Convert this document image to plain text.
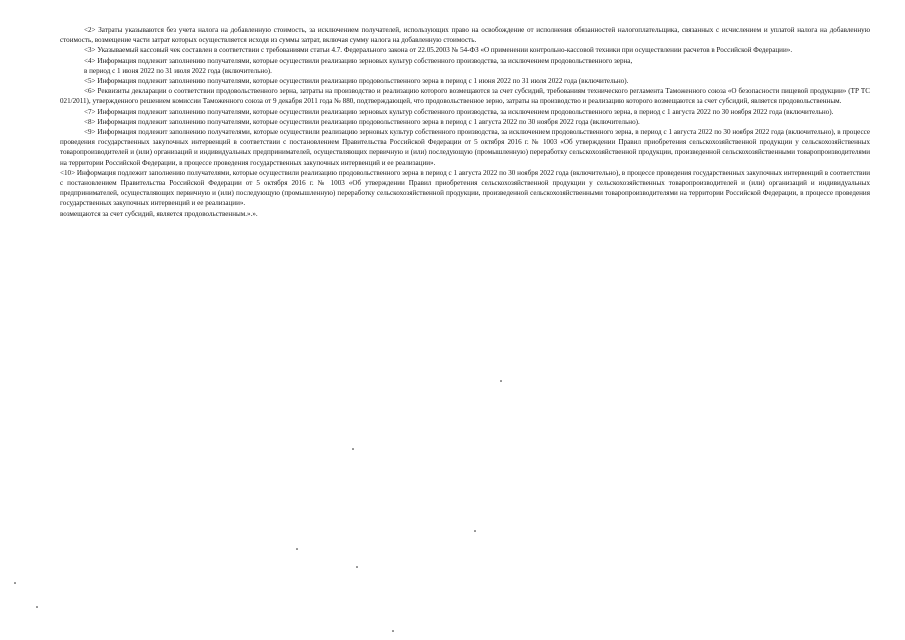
<2> Затраты указываются без учета налога на добавленную стоимость, за исключением получателей, использующих право на освобождение от исполнения обязанностей налогоплательщика, связанных с исчислением и уплатой налога на добавленную стоимость, возмещение части затрат которых осуществляется исходя из суммы затрат, включая сумму налога на добавленную стоимость.

<3> Указываемый кассовый чек составлен в соответствии с требованиями статьи 4.7. Федерального закона от 22.05.2003 № 54-ФЗ «О применении контрольно-кассовой техники при осуществлении расчетов в Российской Федерации».

<4> Информация подлежит заполнению получателями, которые осуществили реализацию зерновых культур собственного производства, за исключением продовольственного зерна,

в период с 1 июня 2022 по 31 июля 2022 года (включительно).

<5> Информация подлежит заполнению получателями, которые осуществили реализацию продовольственного зерна в период с 1 июня 2022 по 31 июля 2022 года (включительно).

<6> Реквизиты декларации о соответствии продовольственного зерна, затраты на производство и реализацию которого возмещаются за счет субсидий, требованиям технического регламента Таможенного союза «О безопасности пищевой продукции» (ТР ТС 021/2011), утвержденного решением комиссии Таможенного союза от 9 декабря 2011 года № 880, подтверждающей, что продовольственное зерно, затраты на производство и реализацию которого возмещаются за счет субсидий, является продовольственным.

<7> Информация подлежит заполнению получателями, которые осуществили реализацию зерновых культур собственного производства, за исключением продовольственного зерна, в период с 1 августа 2022 по 30 ноября 2022 года (включительно).

<8> Информация подлежит заполнению получателями, которые осуществили реализацию продовольственного зерна в период с 1 августа 2022 по 30 ноября 2022 года (включительно).

<9> Информация подлежит заполнению получателями, которые осуществили реализацию зерновых культур собственного производства, за исключением продовольственного зерна, в период с 1 августа 2022 по 30 ноября 2022 года (включительно), в процессе проведения государственных закупочных интервенций в соответствии с постановлением Правительства Российской Федерации от 5 октября 2016 г. № 1003 «Об утверждении Правил приобретения сельскохозяйственной продукции у сельскохозяйственных товаропроизводителей и (или) организаций и индивидуальных предпринимателей, осуществляющих первичную и (или) последующую (промышленную) переработку сельскохозяйственной продукции, произведенной сельскохозяйственными товаропроизводителями на территории Российской Федерации, в процессе проведения государственных закупочных интервенций и ее реализации».

<10> Информация подлежит заполнению получателями, которые осуществили реализацию продовольственного зерна в период с 1 августа 2022 по 30 ноября 2022 года (включительно), в процессе проведения государственных закупочных интервенций в соответствии с постановлением Правительства Российской Федерации от 5 октября 2016 г. № 1003 «Об утверждении Правил приобретения сельскохозяйственной продукции у сельскохозяйственных товаропроизводителей и (или) организаций и индивидуальных предпринимателей, осуществляющих первичную и (или) последующую (промышленную) переработку сельскохозяйственной продукции, произведенной сельскохозяйственными товаропроизводителями на территории Российской Федерации, в процессе проведения государственных закупочных интервенций и ее реализации».

возмещаются за счет субсидий, является продовольственным.».».
